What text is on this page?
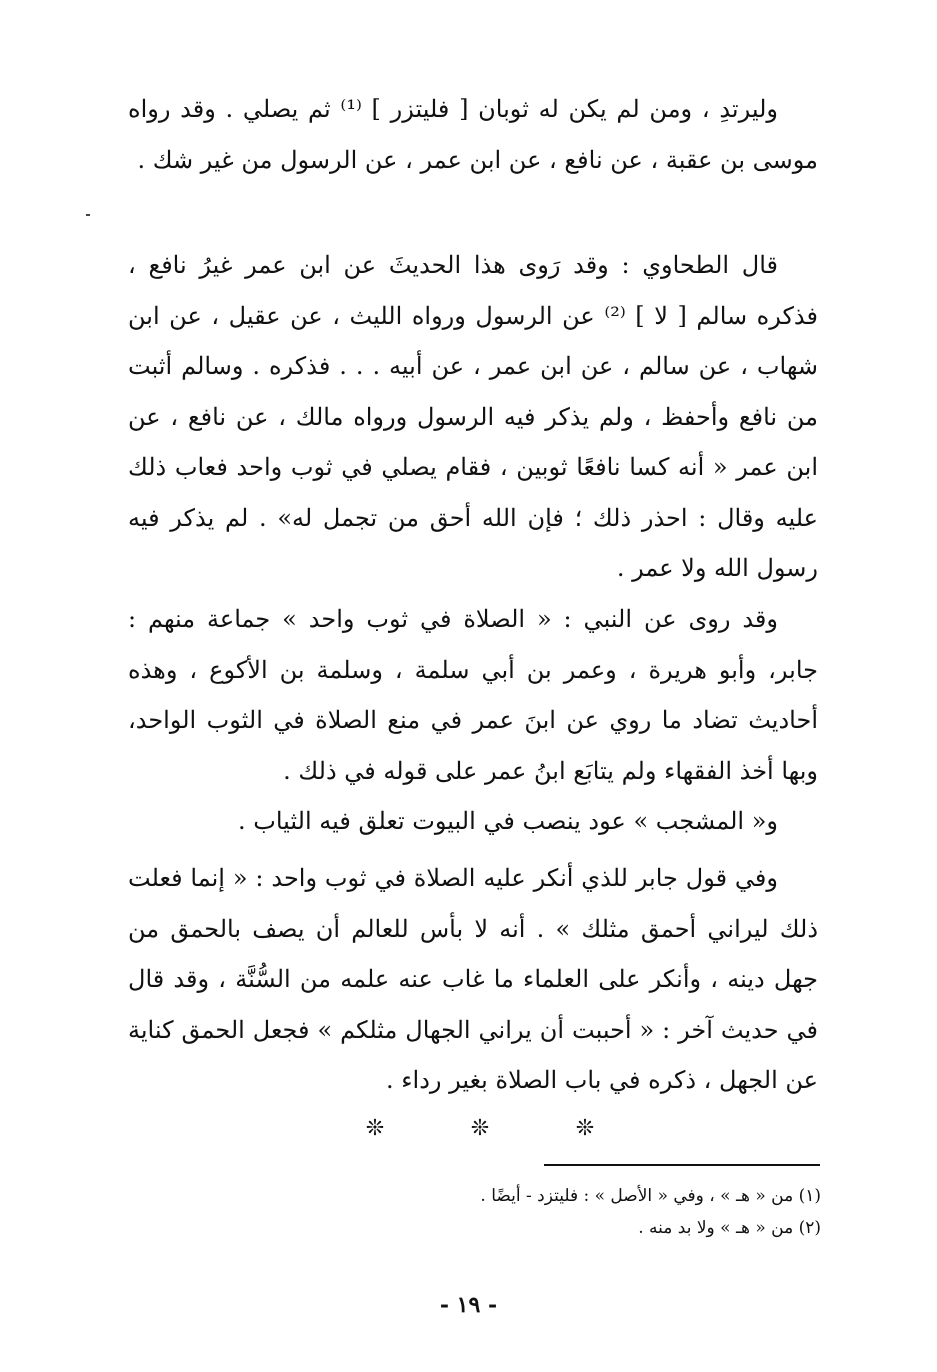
وليرتدِ ، ومن لم يكن له ثوبان [ فليتزر ] ⁽¹⁾ ثم يصلي . وقد رواه موسى بن عقبة ، عن نافع ، عن ابن عمر ، عن الرسول من غير شك .

قال الطحاوي : وقد رَوى هذا الحديثَ عن ابن عمر غيرُ نافع ، فذكره سالم [ لا ] ⁽²⁾ عن الرسول ورواه الليث ، عن عقيل ، عن ابن شهاب ، عن سالم ، عن ابن عمر ، عن أبيه . . . فذكره . وسالم أثبت من نافع وأحفظ ، ولم يذكر فيه الرسول ورواه مالك ، عن نافع ، عن ابن عمر « أنه كسا نافعًا ثوبين ، فقام يصلي في ثوب واحد فعاب ذلك عليه وقال : احذر ذلك ؛ فإن الله أحق من تجمل له» . لم يذكر فيه رسول الله ولا عمر .

وقد روى عن النبي : « الصلاة في ثوب واحد » جماعة منهم : جابر، وأبو هريرة ، وعمر بن أبي سلمة ، وسلمة بن الأكوع ، وهذه أحاديث تضاد ما روي عن ابنَ عمر في منع الصلاة في الثوب الواحد، وبها أخذ الفقهاء ولم يتابَع ابنُ عمر على قوله في ذلك .

و« المشجب » عود ينصب في البيوت تعلق فيه الثياب .

وفي قول جابر للذي أنكر عليه الصلاة في ثوب واحد : « إنما فعلت ذلك ليراني أحمق مثلك » . أنه لا بأس للعالم أن يصف بالحمق من جهل دينه ، وأنكر على العلماء ما غاب عنه علمه من السُّنَّة ، وقد قال في حديث آخر : « أحببت أن يراني الجهال مثلكم » فجعل الحمق كناية عن الجهل ، ذكره في باب الصلاة بغير رداء .

❊
❊
❊
(١) من « هـ » ، وفي « الأصل » : فليتزد - أيضًا .
(٢) من « هـ » ولا بد منه .
- ١٩ -
